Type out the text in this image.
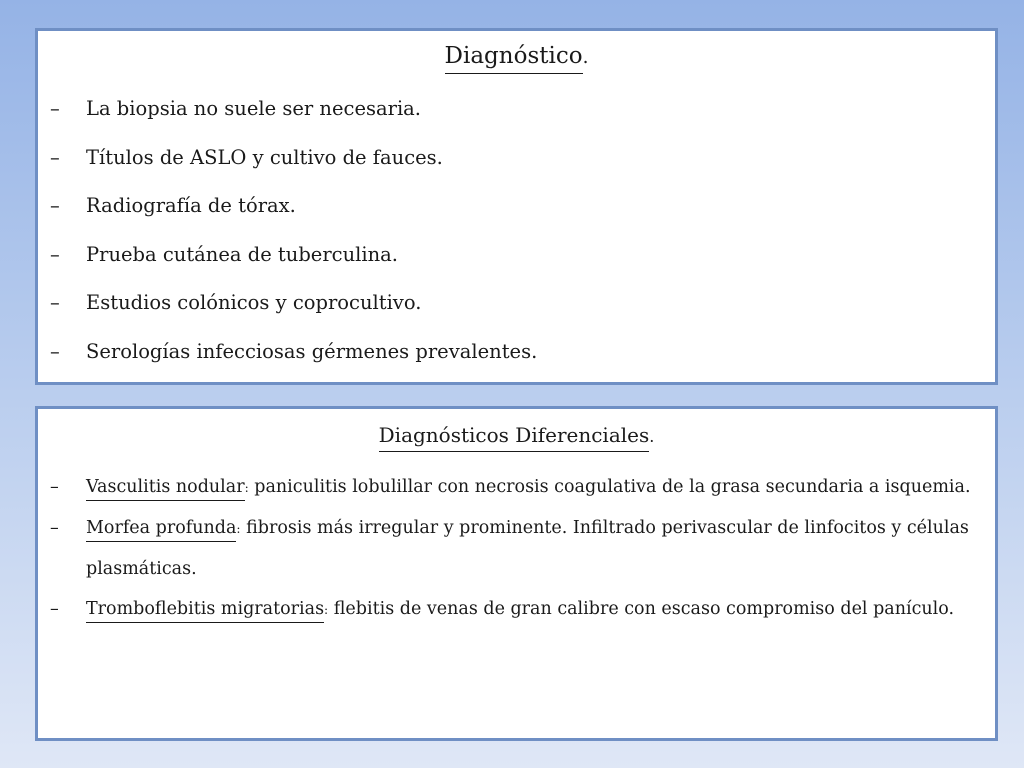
Diagnóstico.
– La biopsia no suele ser necesaria.
– Títulos de ASLO y cultivo de fauces.
– Radiografía de tórax.
– Prueba cutánea de tuberculina.
– Estudios colónicos y coprocultivo.
– Serologías infecciosas gérmenes prevalentes.
Diagnósticos Diferenciales.
– Vasculitis nodular: paniculitis lobulillar con necrosis coagulativa de la grasa secundaria a isquemia.
– Morfea profunda: fibrosis más irregular y prominente. Infiltrado perivascular de linfocitos y células plasmáticas.
– Tromboflebitis migratorias: flebitis de venas de gran calibre con escaso compromiso del panículo.
